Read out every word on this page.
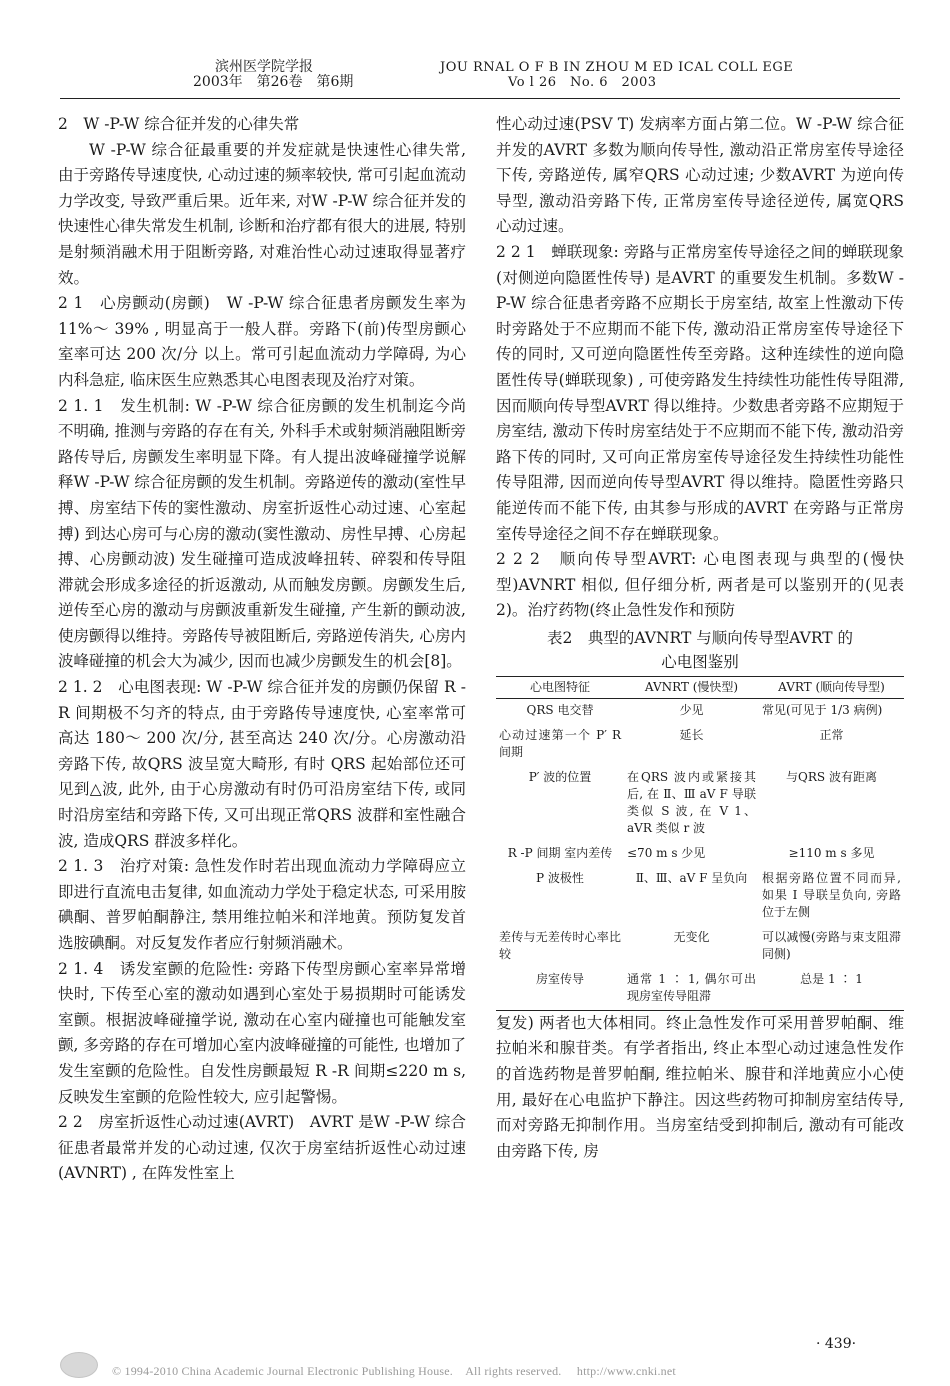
滨州医学院学报
2003年　第26卷　第6期
JOU RNAL O F B IN ZHOU M ED ICAL COLL EGE
Vo l 26　No. 6　2003

2　W -P-W 综合征并发的心律失常

W -P-W 综合征最重要的并发症就是快速性心律失常, 由于旁路传导速度快, 心动过速的频率较快, 常可引起血流动力学改变, 导致严重后果。近年来, 对W -P-W 综合征并发的快速性心律失常发生机制, 诊断和治疗都有很大的进展, 特别是射频消融术用于阻断旁路, 对难治性心动过速取得显著疗效。

2 1　心房颤动(房颤)　W -P-W 综合征患者房颤发生率为 11%～ 39% , 明显高于一般人群。旁路下(前)传型房颤心室率可达 200 次/分 以上。常可引起血流动力学障碍, 为心内科急症, 临床医生应熟悉其心电图表现及治疗对策。

2 1. 1　发生机制: W -P-W 综合征房颤的发生机制迄今尚不明确, 推测与旁路的存在有关, 外科手术或射频消融阻断旁路传导后, 房颤发生率明显下降。有人提出波峰碰撞学说解释W -P-W 综合征房颤的发生机制。旁路逆传的激动(室性早搏、房室结下传的窦性激动、房室折返性心动过速、心室起搏) 到达心房可与心房的激动(窦性激动、房性早搏、心房起搏、心房颤动波) 发生碰撞可造成波峰扭转、碎裂和传导阻滞就会形成多途径的折返激动, 从而触发房颤。房颤发生后, 逆传至心房的激动与房颤波重新发生碰撞, 产生新的颤动波, 使房颤得以维持。旁路传导被阻断后, 旁路逆传消失, 心房内波峰碰撞的机会大为减少, 因而也减少房颤发生的机会[8]。

2 1. 2　心电图表现: W -P-W 综合征并发的房颤仍保留 R -R 间期极不匀齐的特点, 由于旁路传导速度快, 心室率常可高达 180～ 200 次/分, 甚至高达 240 次/分。心房激动沿旁路下传, 故QRS 波呈宽大畸形, 有时 QRS 起始部位还可见到△波, 此外, 由于心房激动有时仍可沿房室结下传, 或同时沿房室结和旁路下传, 又可出现正常QRS 波群和室性融合波, 造成QRS 群波多样化。

2 1. 3　治疗对策: 急性发作时若出现血流动力学障碍应立即进行直流电击复律, 如血流动力学处于稳定状态, 可采用胺碘酮、普罗帕酮静注, 禁用维拉帕米和洋地黄。预防复发首选胺碘酮。对反复发作者应行射频消融术。

2 1. 4　诱发室颤的危险性: 旁路下传型房颤心室率异常增快时, 下传至心室的激动如遇到心室处于易损期时可能诱发室颤。根据波峰碰撞学说, 激动在心室内碰撞也可能触发室颤, 多旁路的存在可增加心室内波峰碰撞的可能性, 也增加了发生室颤的危险性。自发性房颤最短 R -R 间期≤220 m s, 反映发生室颤的危险性较大, 应引起警惕。

2 2　房室折返性心动过速(AVRT)　AVRT 是W -P-W 综合征患者最常并发的心动过速, 仅次于房室结折返性心动过速(AVNRT) , 在阵发性室上

性心动过速(PSV T) 发病率方面占第二位。W -P-W 综合征并发的AVRT 多数为顺向传导性, 激动沿正常房室传导途径下传, 旁路逆传, 属窄QRS 心动过速; 少数AVRT 为逆向传导型, 激动沿旁路下传, 正常房室传导途径逆传, 属宽QRS 心动过速。

2 2 1　蝉联现象: 旁路与正常房室传导途径之间的蝉联现象(对侧逆向隐匿性传导) 是AVRT 的重要发生机制。多数W -P-W 综合征患者旁路不应期长于房室结, 故室上性激动下传时旁路处于不应期而不能下传, 激动沿正常房室传导途径下传的同时, 又可逆向隐匿性传至旁路。这种连续性的逆向隐匿性传导(蝉联现象) , 可使旁路发生持续性功能性传导阻滞, 因而顺向传导型AVRT 得以维持。少数患者旁路不应期短于房室结, 激动下传时房室结处于不应期而不能下传, 激动沿旁路下传的同时, 又可向正常房室传导途径发生持续性功能性传导阻滞, 因而逆向传导型AVRT 得以维持。隐匿性旁路只能逆传而不能下传, 由其参与形成的AVRT 在旁路与正常房室传导途径之间不存在蝉联现象。

2 2 2　顺向传导型AVRT: 心电图表现与典型的(慢快型)AVNRT 相似, 但仔细分析, 两者是可以鉴别开的(见表2)。治疗药物(终止急性发作和预防

表2　典型的AVNRT 与顺向传导型AVRT 的
心电图鉴别
心电图特征	AVNRT (慢快型)	AVRT (顺向传导型)
QRS 电交替	少见	常见(可见于 1/3 病例)
心动过速第一个 P′ R 间期	延长	正常
P′ 波的位置	在QRS 波内或紧接其后, 在 Ⅱ、Ⅲ aV F 导联类似 S 波, 在 V 1、aVR 类似 r 波	与QRS 波有距离
R -P 间期 室内差传	≤70 m s 少见	≥110 m s 多见
P 波极性	Ⅱ、Ⅲ、aV F 呈负向	根据旁路位置不同而异, 如果 Ⅰ 导联呈负向, 旁路位于左侧
差传与无差传时心率比较	无变化	可以减慢(旁路与束支阻滞同侧)
房室传导	通常 1 ∶ 1, 偶尔可出现房室传导阻滞	总是 1 ∶ 1

复发) 两者也大体相同。终止急性发作可采用普罗帕酮、维拉帕米和腺苷类。有学者指出, 终止本型心动过速急性发作的首选药物是普罗帕酮, 维拉帕米、腺苷和洋地黄应小心使用, 最好在心电监护下静注。因这些药物可抑制房室结传导, 而对旁路无抑制作用。当房室结受到抑制后, 激动有可能改由旁路下传, 房

· 439·
© 1994-2010 China Academic Journal Electronic Publishing House.　All rights reserved.　 http://www.cnki.net
